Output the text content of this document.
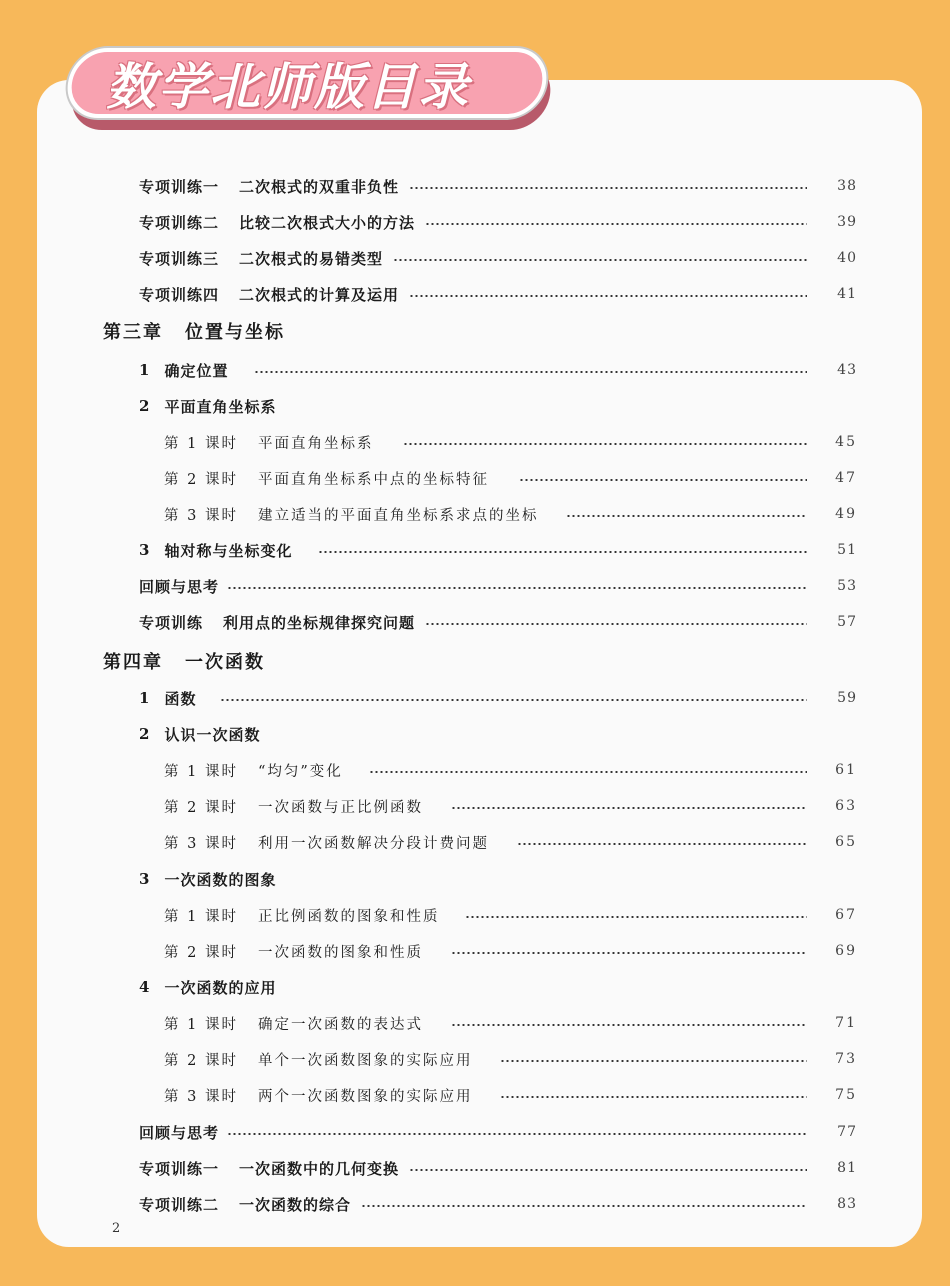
数学北师版目录
专项训练一 二次根式的双重非负性	38
专项训练二 比较二次根式大小的方法	39
专项训练三 二次根式的易错类型	40
专项训练四 二次根式的计算及运用	41
第三章 位置与坐标
1 确定位置	43
2 平面直角坐标系
第 1 课时 平面直角坐标系	45
第 2 课时 平面直角坐标系中点的坐标特征	47
第 3 课时 建立适当的平面直角坐标系求点的坐标	49
3 轴对称与坐标变化	51
回顾与思考	53
专项训练 利用点的坐标规律探究问题	57
第四章 一次函数
1 函数	59
2 认识一次函数
第 1 课时 “均匀”变化	61
第 2 课时 一次函数与正比例函数	63
第 3 课时 利用一次函数解决分段计费问题	65
3 一次函数的图象
第 1 课时 正比例函数的图象和性质	67
第 2 课时 一次函数的图象和性质	69
4 一次函数的应用
第 1 课时 确定一次函数的表达式	71
第 2 课时 单个一次函数图象的实际应用	73
第 3 课时 两个一次函数图象的实际应用	75
回顾与思考	77
专项训练一 一次函数中的几何变换	81
专项训练二 一次函数的综合	83
2
